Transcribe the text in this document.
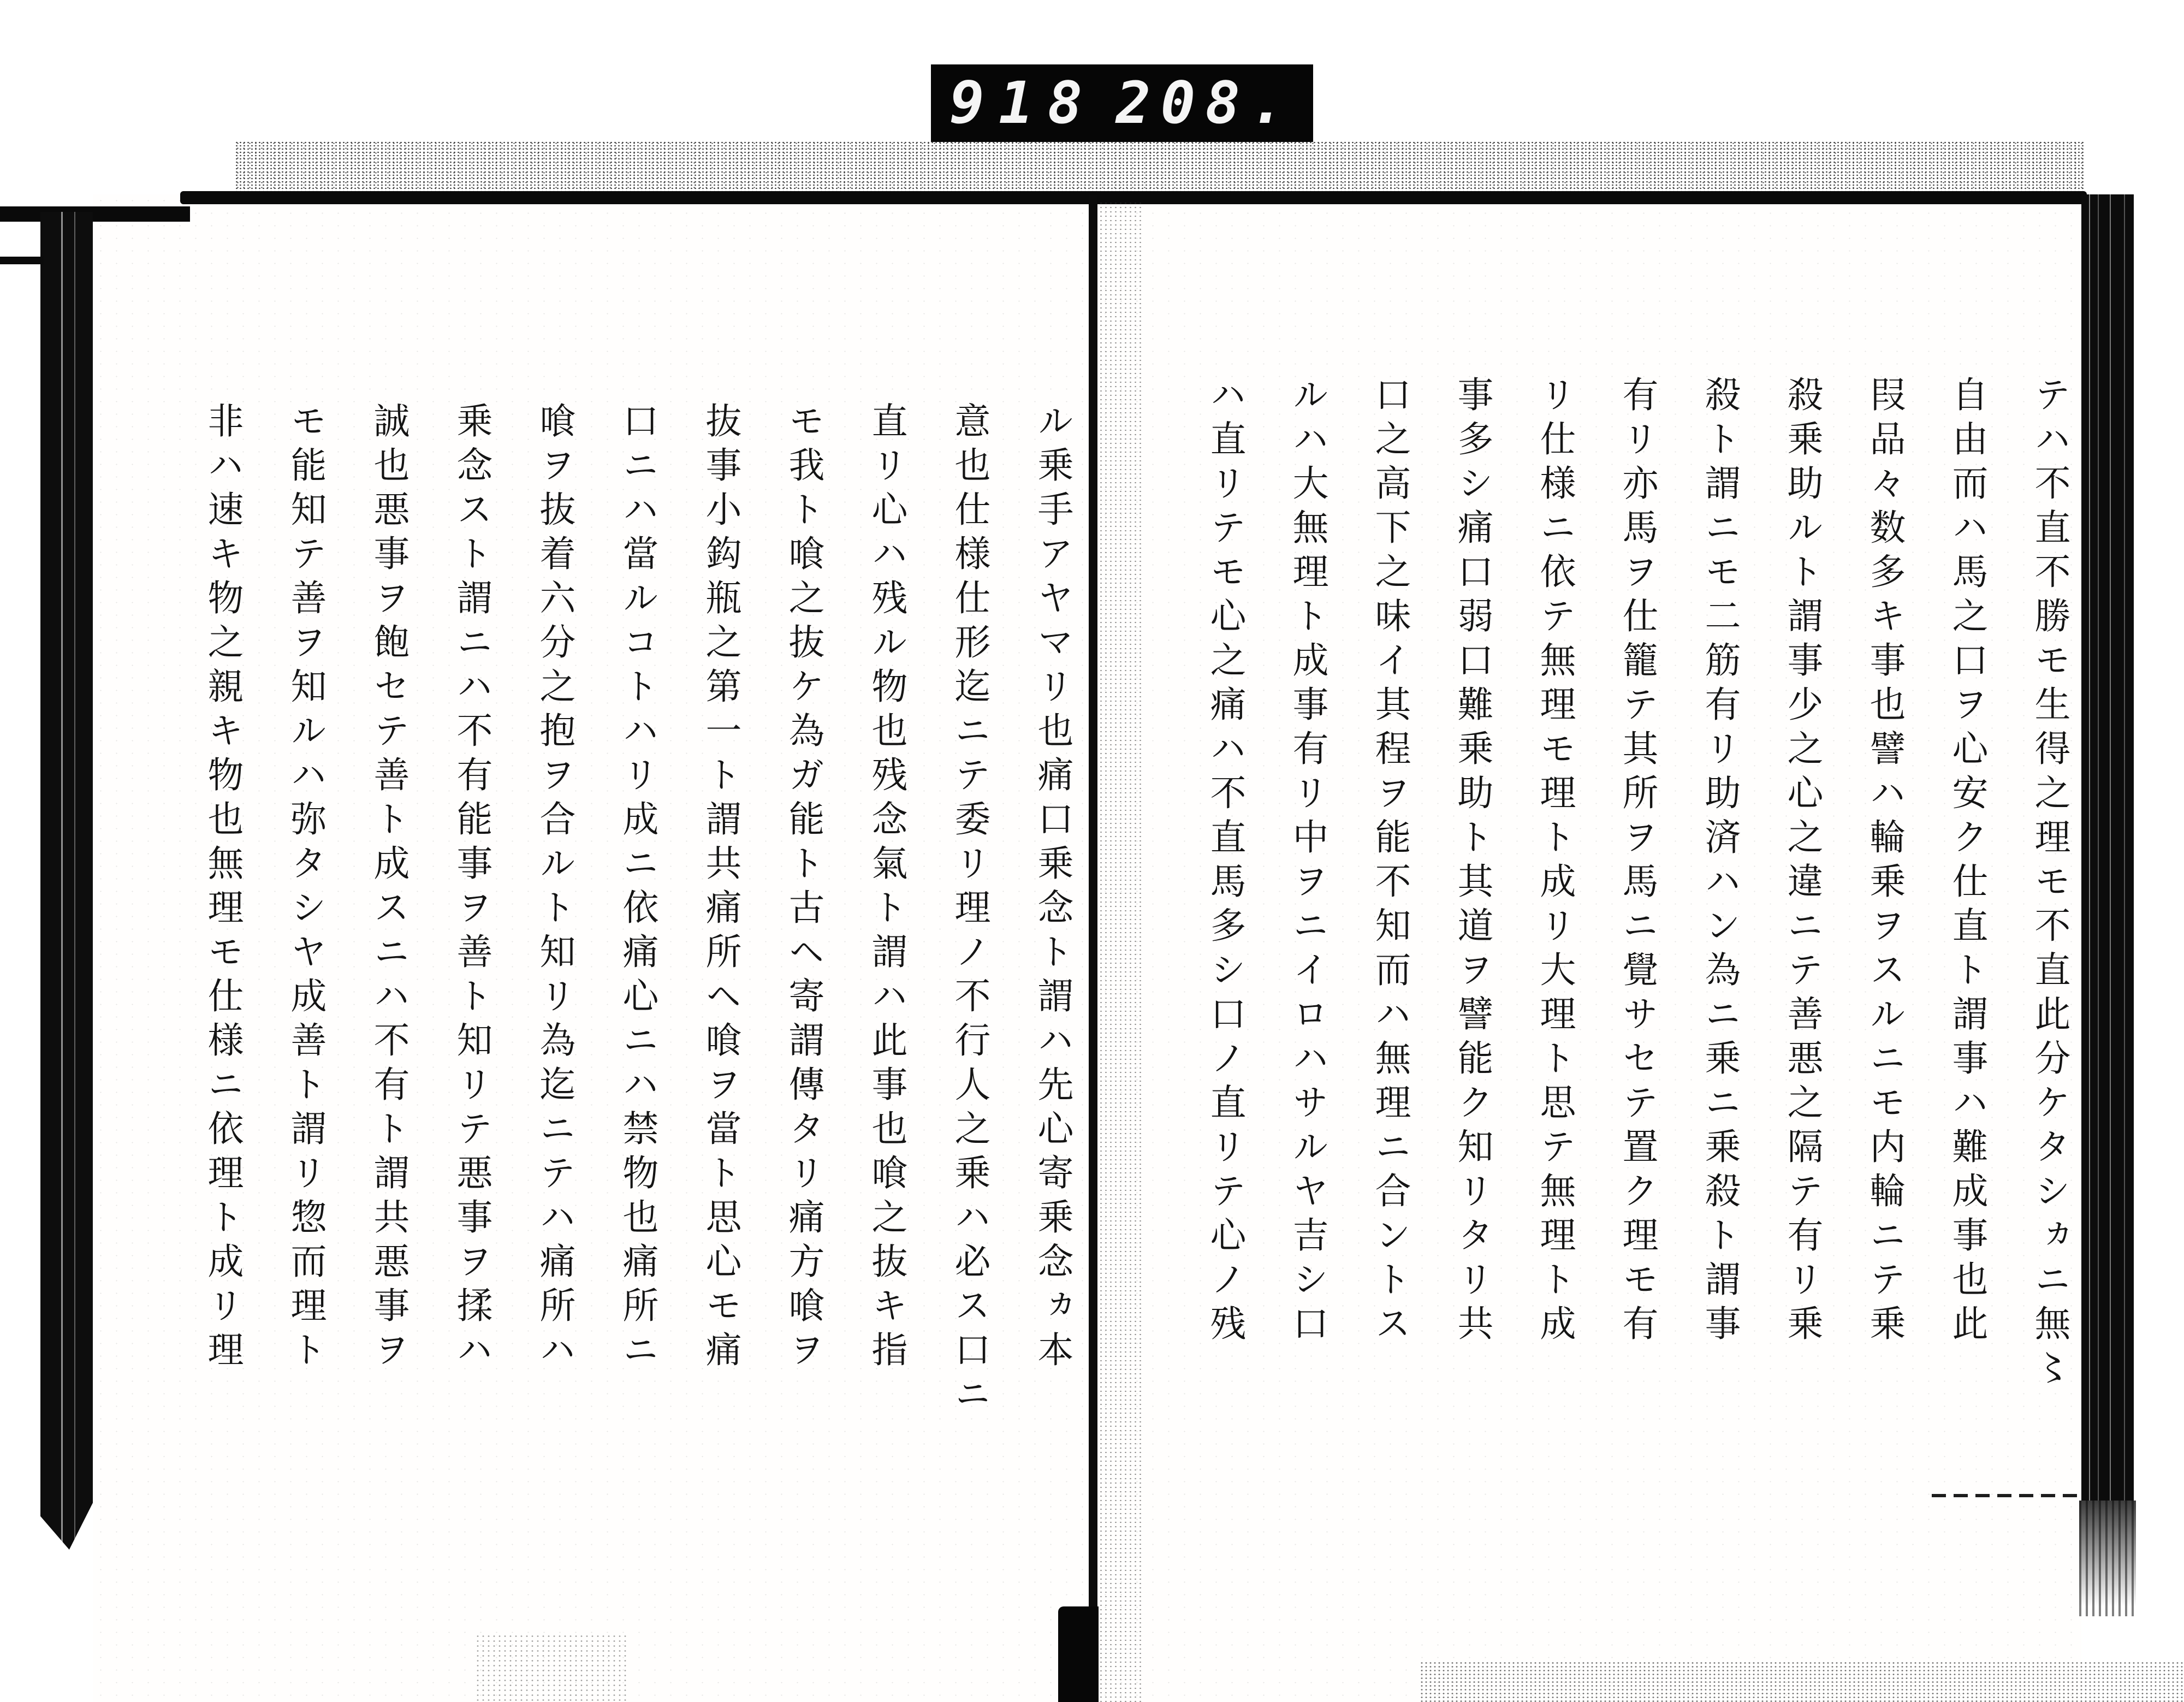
918 208.
テハ不直不勝モ生得之理モ不直此分ケタシヵニ無〻
自由而ハ馬之口ヲ心安ク仕直ト謂事ハ難成事也此
叚品々数多キ事也譬ハ輪乗ヲスルニモ内輪ニテ乗
殺乗助ルト謂事少之心之違ニテ善悪之隔テ有リ乗
殺ト謂ニモ二筋有リ助済ハン為ニ乗ニ乗殺ト謂事
有リ亦馬ヲ仕籠テ其所ヲ馬ニ覺サセテ置ク理モ有
リ仕様ニ依テ無理モ理ト成リ大理ト思テ無理ト成
事多シ痛口弱口難乗助ト其道ヲ譬能ク知リタリ共
口之高下之味イ其程ヲ能不知而ハ無理ニ合ントス
ルハ大無理ト成事有リ中ヲニイロハサルヤ吉シ口
ハ直リテモ心之痛ハ不直馬多シ口ノ直リテ心ノ残
ル乗手アヤマリ也痛口乗念ト謂ハ先心寄乗念ヵ本
意也仕様仕形迄ニテ委リ理ノ不行人之乗ハ必ス口ニ
直リ心ハ残ル物也残念氣ト謂ハ此事也喰之抜キ指
モ我ト喰之抜ケ為ガ能ト古ヘ寄謂傳タリ痛方喰ヲ
抜事小鈎瓶之第一ト謂共痛所ヘ喰ヲ當ト思心モ痛
口ニハ當ルコトハリ成ニ依痛心ニハ禁物也痛所ニ
喰ヲ抜着六分之抱ヲ合ルト知リ為迄ニテハ痛所ハ
乗念スト謂ニハ不有能事ヲ善ト知リテ悪事ヲ揉ハ
誠也悪事ヲ飽セテ善ト成スニハ不有ト謂共悪事ヲ
モ能知テ善ヲ知ルハ弥タシヤ成善ト謂リ惣而理ト
非ハ速キ物之親キ物也無理モ仕様ニ依理ト成リ理
